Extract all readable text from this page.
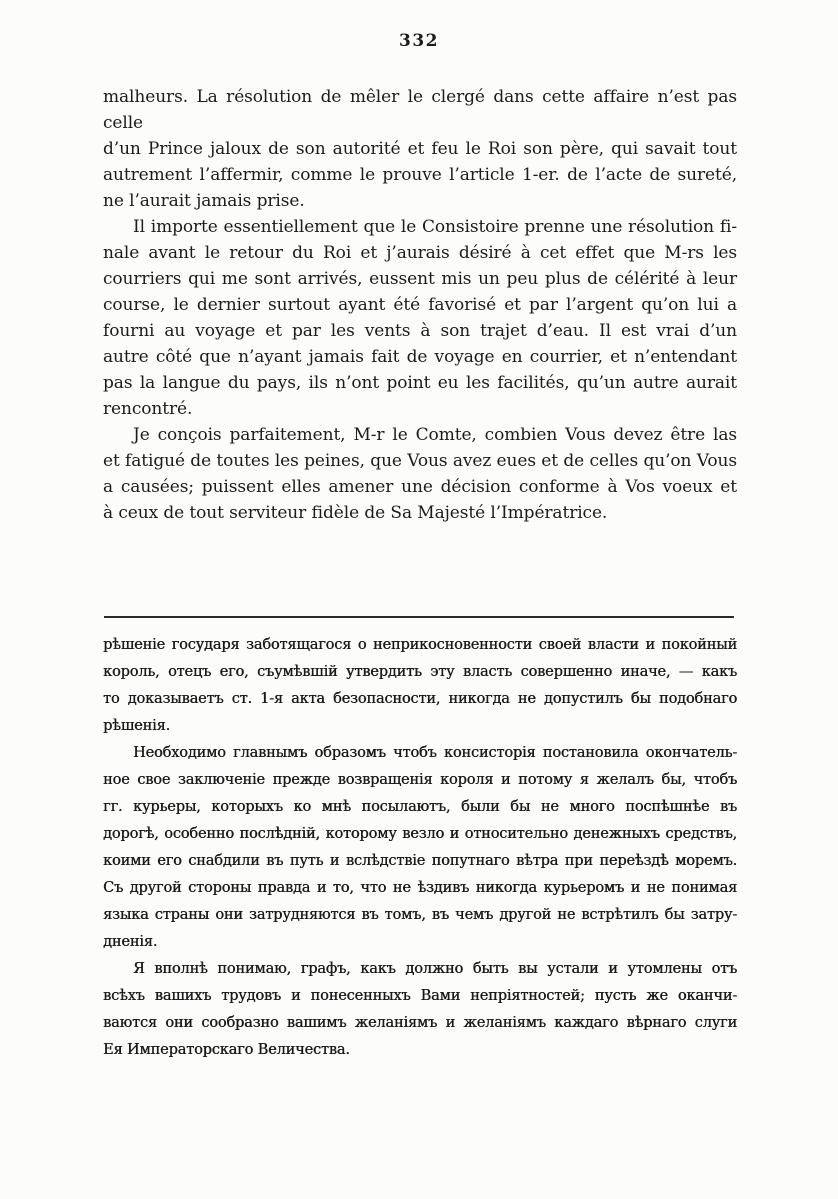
332
malheurs. La résolution de mêler le clergé dans cette affaire n’est pas celle
d’un Prince jaloux de son autorité et feu le Roi son père, qui savait tout
autrement l’affermir, comme le prouve l’article 1-er. de l’acte de sureté,
ne l’aurait jamais prise.
Il importe essentiellement que le Consistoire prenne une résolution fi-
nale avant le retour du Roi et j’aurais désiré à cet effet que M-rs les
courriers qui me sont arrivés, eussent mis un peu plus de célérité à leur
course, le dernier surtout ayant été favorisé et par l’argent qu’on lui a
fourni au voyage et par les vents à son trajet d’eau. Il est vrai d’un
autre côté que n’ayant jamais fait de voyage en courrier, et n’entendant
pas la langue du pays, ils n’ont point eu les facilités, qu’un autre aurait
rencontré.
Je conçois parfaitement, M-r le Comte, combien Vous devez être las
et fatigué de toutes les peines, que Vous avez eues et de celles qu’on Vous
a causées; puissent elles amener une décision conforme à Vos voeux et
à ceux de tout serviteur fidèle de Sa Majesté l’Impératrice.
рѣшеніе государя заботящагося о неприкосновенности своей власти и покойный
король, отецъ его, съумѣвшій утвердить эту власть совершенно иначе, — какъ
то доказываетъ ст. 1-я акта безопасности, никогда не допустилъ бы подобнаго
рѣшенія.
Необходимо главнымъ образомъ чтобъ консисторія постановила окончатель-
ное свое заключеніе прежде возвращенія короля и потому я желалъ бы, чтобъ
гг. курьеры, которыхъ ко мнѣ посылаютъ, были бы не много поспѣшнѣе въ
дорогѣ, особенно послѣдній, которому везло и относительно денежныхъ средствъ,
коими его снабдили въ путь и вслѣдствіе попутнаго вѣтра при переѣздѣ моремъ.
Съ другой стороны правда и то, что не ѣздивъ никогда курьеромъ и не понимая
языка страны они затрудняются въ томъ, въ чемъ другой не встрѣтилъ бы затру-
дненія.
Я вполнѣ понимаю, графъ, какъ должно быть вы устали и утомлены отъ
всѣхъ вашихъ трудовъ и понесенныхъ Вами непріятностей; пусть же оканчи-
ваются они сообразно вашимъ желаніямъ и желаніямъ каждаго вѣрнаго слуги
Ея Императорскаго Величества.
